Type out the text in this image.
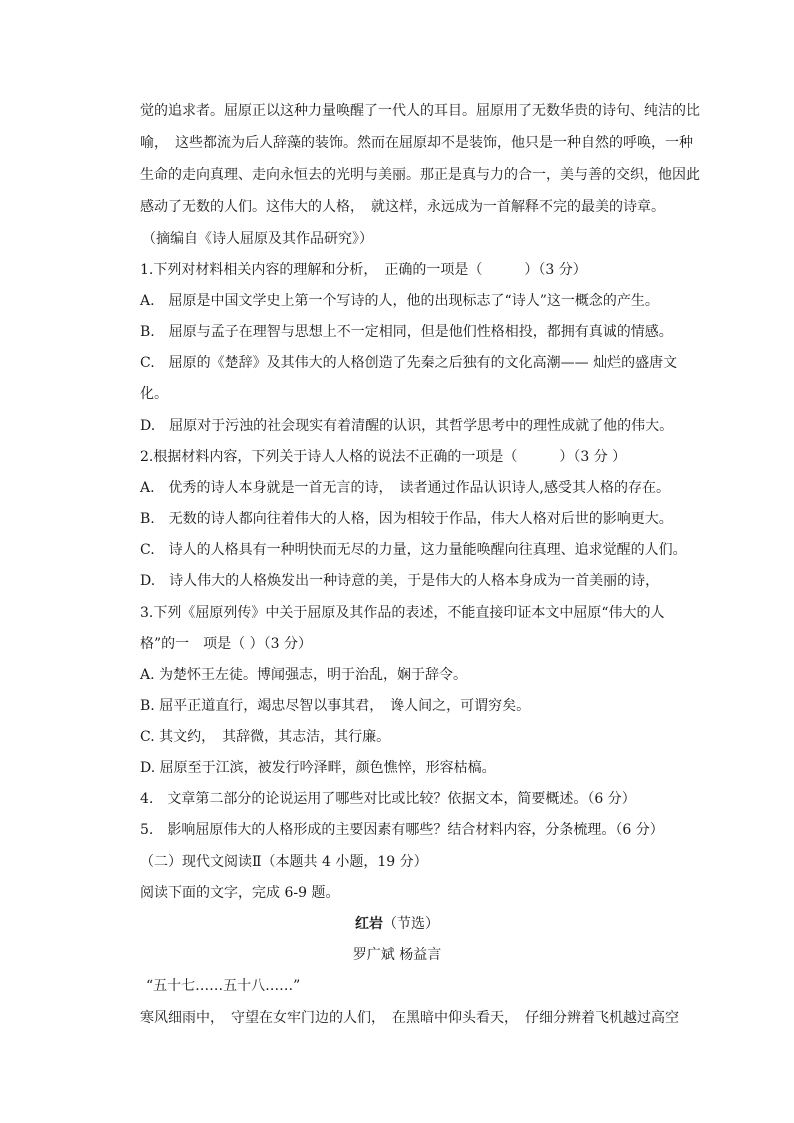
觉的追求者。屈原正以这种力量唤醒了一代人的耳目。屈原用了无数华贵的诗句、纯洁的比
喻，　这些都流为后人辞藻的装饰。然而在屈原却不是装饰，他只是一种自然的呼唤，一种
生命的走向真理、走向永恒去的光明与美丽。那正是真与力的合一，美与善的交织，他因此
感动了无数的人们。这伟大的人格，　就这样，永远成为一首解释不完的最美的诗章。
（摘编自《诗人屈原及其作品研究》）
1.下列对材料相关内容的理解和分析，　正确的一项是（　　　）（3 分）
A.　屈原是中国文学史上第一个写诗的人，他的出现标志了“诗人”这一概念的产生。
B.　屈原与孟子在理智与思想上不一定相同，但是他们性格相投，都拥有真诚的情感。
C.　屈原的《楚辞》及其伟大的人格创造了先秦之后独有的文化高潮—— 灿烂的盛唐文
化。
D.　屈原对于污浊的社会现实有着清醒的认识，其哲学思考中的理性成就了他的伟大。
2.根据材料内容，下列关于诗人人格的说法不正确的一项是（　　　）（3 分 ）
A.　优秀的诗人本身就是一首无言的诗，　读者通过作品认识诗人,感受其人格的存在。
B.　无数的诗人都向往着伟大的人格，因为相较于作品，伟大人格对后世的影响更大。
C.　诗人的人格具有一种明快而无尽的力量，这力量能唤醒向往真理、追求觉醒的人们。
D.　诗人伟大的人格焕发出一种诗意的美，于是伟大的人格本身成为一首美丽的诗，
3.下列《屈原列传》中关于屈原及其作品的表述，不能直接印证本文中屈原“伟大的人
格”的一　项是（ ）（3 分）
A. 为楚怀王左徒。博闻强志，明于治乱，娴于辞令。
B. 屈平正道直行，竭忠尽智以事其君，　谗人间之，可谓穷矣。
C. 其文约，　其辞微，其志洁，其行廉。
D. 屈原至于江滨，被发行吟泽畔，颜色憔悴，形容枯槁。
4.　文章第二部分的论说运用了哪些对比或比较？依据文本，简要概述。（6 分）
5.　影响屈原伟大的人格形成的主要因素有哪些？结合材料内容，分条梳理。（6 分）
（二）现代文阅读Ⅱ（本题共 4 小题，19 分）
阅读下面的文字，完成 6-9 题。
红岩（节选）
罗广斌 杨益言
“五十七……五十八……”
寒风细雨中，　守望在女牢门边的人们，　在黑暗中仰头看天，　仔细分辨着飞机越过高空
